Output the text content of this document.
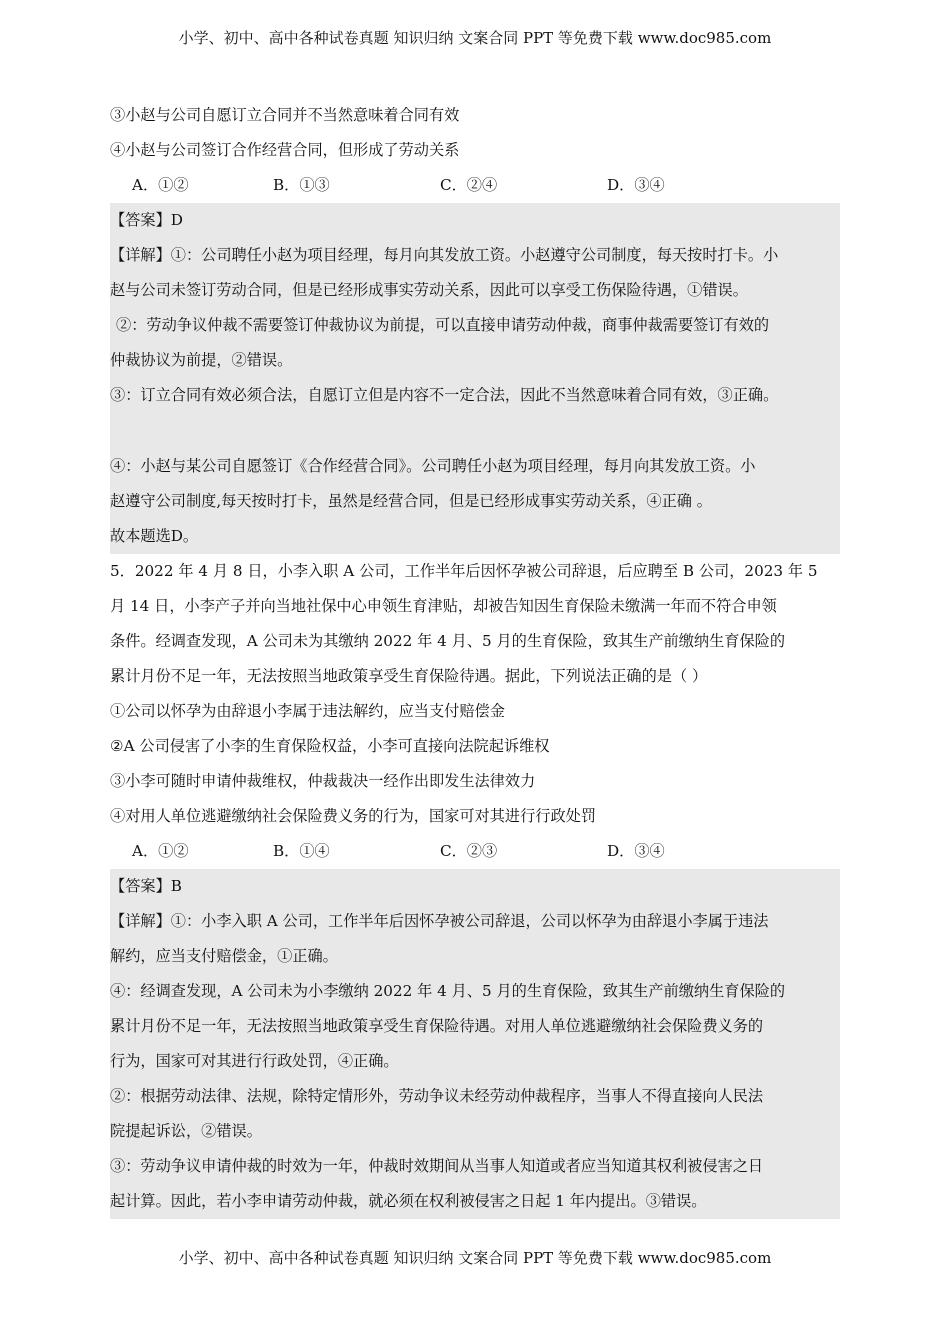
小学、初中、高中各种试卷真题 知识归纳 文案合同 PPT 等免费下载 www.doc985.com
③小赵与公司自愿订立合同并不当然意味着合同有效
④小赵与公司签订合作经营合同，但形成了劳动关系
A．①②	B．①③	C．②④	D．③④
【答案】D
【详解】①：公司聘任小赵为项目经理，每月向其发放工资。小赵遵守公司制度，每天按时打卡。小
赵与公司未签订劳动合同，但是已经形成事实劳动关系，因此可以享受工伤保险待遇，①错误。
②：劳动争议仲裁不需要签订仲裁协议为前提，可以直接申请劳动仲裁，商事仲裁需要签订有效的
仲裁协议为前提，②错误。
③：订立合同有效必须合法，自愿订立但是内容不一定合法，因此不当然意味着合同有效，③正确。
④：小赵与某公司自愿签订《合作经营合同》。公司聘任小赵为项目经理，每月向其发放工资。小
赵遵守公司制度,每天按时打卡，虽然是经营合同，但是已经形成事实劳动关系，④正确 。
故本题选D。
5．2022 年 4 月 8 日，小李入职 A 公司，工作半年后因怀孕被公司辞退，后应聘至 B 公司，2023 年 5
月 14 日，小李产子并向当地社保中心申领生育津贴，却被告知因生育保险未缴满一年而不符合申领
条件。经调查发现，A 公司未为其缴纳 2022 年 4 月、5 月的生育保险，致其生产前缴纳生育保险的
累计月份不足一年，无法按照当地政策享受生育保险待遇。据此，下列说法正确的是（ ）
①公司以怀孕为由辞退小李属于违法解约，应当支付赔偿金
②A 公司侵害了小李的生育保险权益，小李可直接向法院起诉维权
③小李可随时申请仲裁维权，仲裁裁决一经作出即发生法律效力
④对用人单位逃避缴纳社会保险费义务的行为，国家可对其进行行政处罚
A．①②	B．①④	C．②③	D．③④
【答案】B
【详解】①：小李入职 A 公司，工作半年后因怀孕被公司辞退，公司以怀孕为由辞退小李属于违法
解约，应当支付赔偿金，①正确。
④：经调查发现，A 公司未为小李缴纳 2022 年 4 月、5 月的生育保险，致其生产前缴纳生育保险的
累计月份不足一年，无法按照当地政策享受生育保险待遇。对用人单位逃避缴纳社会保险费义务的
行为，国家可对其进行行政处罚，④正确。
②：根据劳动法律、法规，除特定情形外，劳动争议未经劳动仲裁程序，当事人不得直接向人民法
院提起诉讼，②错误。
③：劳动争议申请仲裁的时效为一年，仲裁时效期间从当事人知道或者应当知道其权利被侵害之日
起计算。因此，若小李申请劳动仲裁，就必须在权利被侵害之日起 1 年内提出。③错误。
小学、初中、高中各种试卷真题 知识归纳 文案合同 PPT 等免费下载 www.doc985.com
